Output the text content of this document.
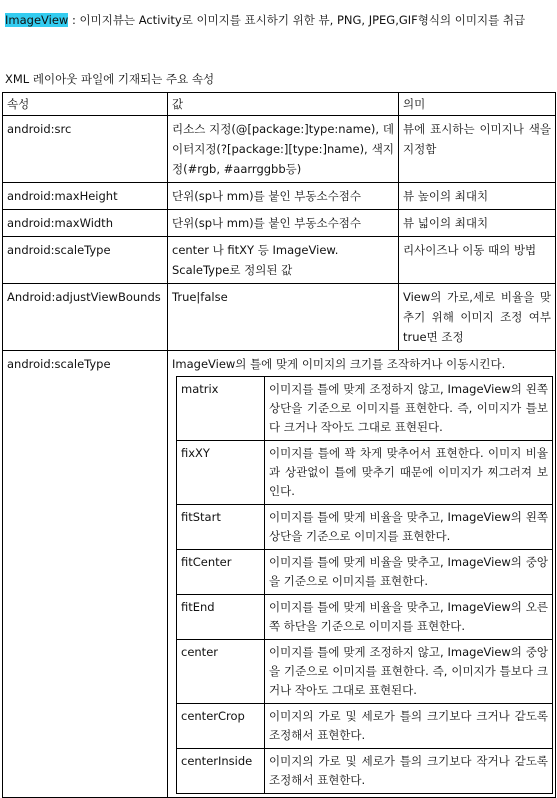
ImageView : 이미지뷰는 Activity로 이미지를 표시하기 위한 뷰, PNG, JPEG,GIF형식의 이미지를 취급
XML 레이아웃 파일에 기재되는 주요 속성
속성	값	의미
android:src	리소스 지정(@[package:]type:name), 데이터지정(?[package:][type:]name), 색지정(#rgb, #aarrggbb등)	뷰에 표시하는 이미지나 색을 지정함
android:maxHeight	단위(sp나 mm)를 붙인 부동소수점수	뷰 높이의 최대치
android:maxWidth	단위(sp나 mm)를 붙인 부동소수점수	뷰 넓이의 최대치
android:scaleType	center 나 fitXY 등 ImageView. ScaleType로 정의된 값	리사이즈나 이동 때의 방법
Android:adjustViewBounds	True|false	View의 가로,세로 비율을 맞추기 위해 이미지 조정 여부 true면 조정
android:scaleType	ImageView의 틀에 맞게 이미지의 크기를 조작하거나 이동시킨다.
matrix	이미지를 틀에 맞게 조정하지 않고, ImageView의 왼쪽 상단을 기준으로 이미지를 표현한다. 즉, 이미지가 틀보다 크거나 작아도 그대로 표현된다.
fixXY	이미지를 틀에 꽉 차게 맞추어서 표현한다. 이미지 비율과 상관없이 틀에 맞추기 때문에 이미지가 찌그러져 보인다.
fitStart	이미지를 틀에 맞게 비율을 맞추고, ImageView의 왼쪽 상단을 기준으로 이미지를 표현한다.
fitCenter	이미지를 틀에 맞게 비율을 맞추고, ImageView의 중앙을 기준으로 이미지를 표현한다.
fitEnd	이미지를 틀에 맞게 비율을 맞추고, ImageView의 오른쪽 하단을 기준으로 이미지를 표현한다.
center	이미지를 틀에 맞게 조정하지 않고, ImageView의 중앙을 기준으로 이미지를 표현한다. 즉, 이미지가 틀보다 크거나 작아도 그대로 표현된다.
centerCrop	이미지의 가로 및 세로가 틀의 크기보다 크거나 같도록 조정해서 표현한다.
centerInside	이미지의 가로 및 세로가 틀의 크기보다 작거나 같도록 조정해서 표현한다.
